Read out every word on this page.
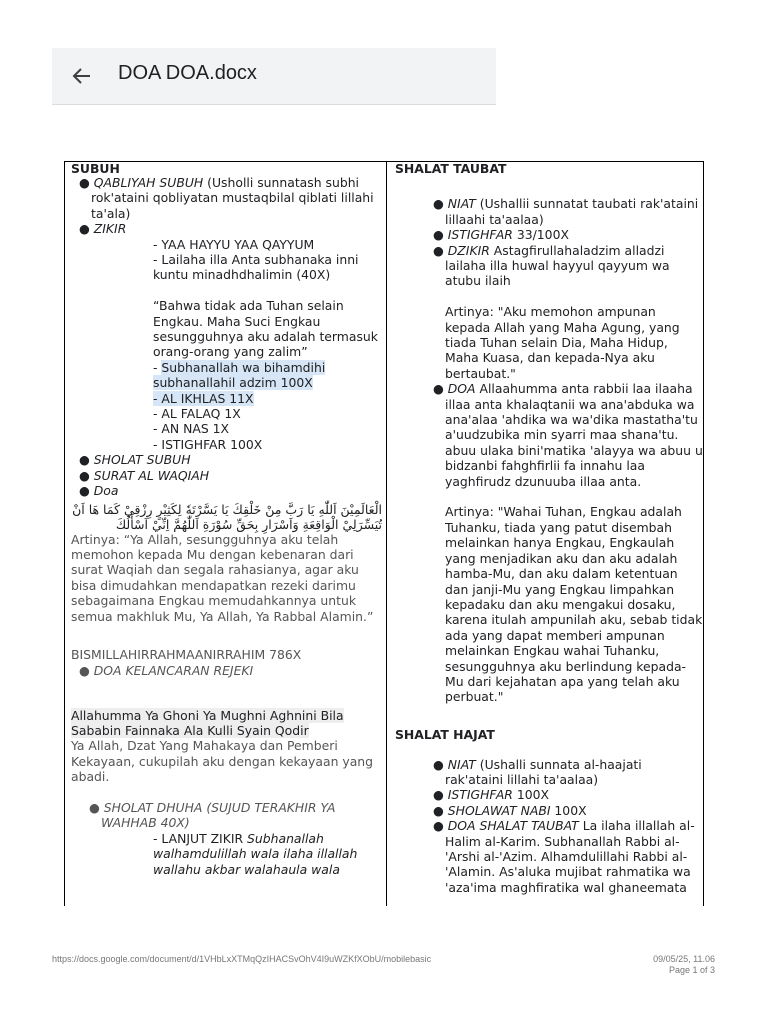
DOA DOA.docx
SUBUH
● QABLIYAH SUBUH (Usholli sunnatash subhi rok'ataini qobliyatan mustaqbilal qiblati lillahi ta'ala)
● ZIKIR
- YAA HAYYU YAA QAYYUM
- Lailaha illa Anta subhanaka inni kuntu minadhdhalimin (40X)
“Bahwa tidak ada Tuhan selain Engkau. Maha Suci Engkau sesungguhnya aku adalah termasuk orang-orang yang zalim”
- Subhanallah wa bihamdihi subhanallahil adzim 100X
- AL IKHLAS 11X
- AL FALAQ 1X
- AN NAS 1X
- ISTIGHFAR 100X
● SHOLAT SUBUH
● SURAT AL WAQIAH
● Doa
الْعَالَمِيْنَ اَللّٰهِ يَا رَبَّ مِنْ خَلْقِكَ يَا يَسَّرْتَهٗ لِكَثِيْرٍ رِزْقِيْ كَمَا هَا اَنْ تُيَسِّرَلِيْ الْوَاقِعَةِ وَاَسْرَارِ بِحَقِّ سُوْرَةِ اَللّٰهُمَّ اِنِّيْ اَسْأَلُكَ
Artinya: “Ya Allah, sesungguhnya aku telah memohon kepada Mu dengan kebenaran dari surat Waqiah dan segala rahasianya, agar aku bisa dimudahkan mendapatkan rezeki darimu sebagaimana Engkau memudahkannya untuk semua makhluk Mu, Ya Allah, Ya Rabbal Alamin.”
BISMILLAHIRRAHMAANIRRAHIM 786X
● DOA KELANCARAN REJEKI
Allahumma Ya Ghoni Ya Mughni Aghnini Bila Sababin Fainnaka Ala Kulli Syain Qodir
Ya Allah, Dzat Yang Mahakaya dan Pemberi Kekayaan, cukupilah aku dengan kekayaan yang abadi.
● SHOLAT DHUHA (SUJUD TERAKHIR YA WAHHAB 40X)
- LANJUT ZIKIR Subhanallah walhamdulillah wala ilaha illallah wallahu akbar walahaula wala
SHALAT TAUBAT
● NIAT (Ushallii sunnatat taubati rak'ataini lillaahi ta'aalaa)
● ISTIGHFAR 33/100X
● DZIKIR Astagfirullahaladzim alladzi lailaha illa huwal hayyul qayyum wa atubu ilaih
Artinya: "Aku memohon ampunan kepada Allah yang Maha Agung, yang tiada Tuhan selain Dia, Maha Hidup, Maha Kuasa, dan kepada-Nya aku bertaubat."
● DOA Allaahumma anta rabbii laa ilaaha illaa anta khalaqtanii wa ana'abduka wa ana'alaa 'ahdika wa wa'dika mastatha'tu a'uudzubika min syarri maa shana'tu. abuu ulaka bini'matika 'alayya wa abuu u bidzanbi fahghfirlii fa innahu laa yaghfirudz dzunuuba illaa anta.
Artinya: "Wahai Tuhan, Engkau adalah Tuhanku, tiada yang patut disembah melainkan hanya Engkau, Engkaulah yang menjadikan aku dan aku adalah hamba-Mu, dan aku dalam ketentuan dan janji-Mu yang Engkau limpahkan kepadaku dan aku mengakui dosaku, karena itulah ampunilah aku, sebab tidak ada yang dapat memberi ampunan melainkan Engkau wahai Tuhanku, sesungguhnya aku berlindung kepada-Mu dari kejahatan apa yang telah aku perbuat."
SHALAT HAJAT
● NIAT (Ushalli sunnata al-haajati rak'ataini lillahi ta'aalaa)
● ISTIGHFAR 100X
● SHOLAWAT NABI 100X
● DOA SHALAT TAUBAT La ilaha illallah al-Halim al-Karim. Subhanallah Rabbi al-'Arshi al-'Azim. Alhamdulillahi Rabbi al-'Alamin. As'aluka mujibat rahmatika wa 'aza'ima maghfiratika wal ghaneemata
https://docs.google.com/document/d/1VHbLxXTMqQzIHACSvOhV4I9uWZKfXObU/mobilebasic	09/05/25, 11.06
Page 1 of 3
